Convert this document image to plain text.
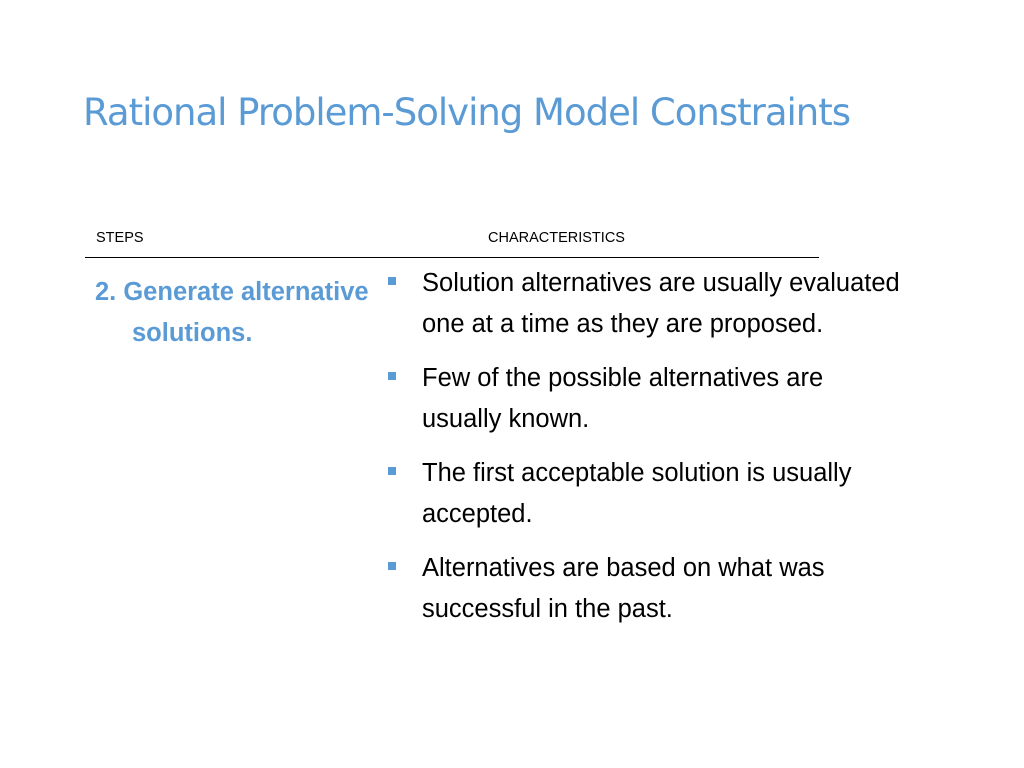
Rational Problem-Solving Model Constraints
STEPS	CHARACTERISTICS

2. Generate alternative solutions.

Solution alternatives are usually evaluated one at a time as they are proposed.
Few of the possible alternatives are usually known.
The first acceptable solution is usually accepted.
Alternatives are based on what was successful in the past.
